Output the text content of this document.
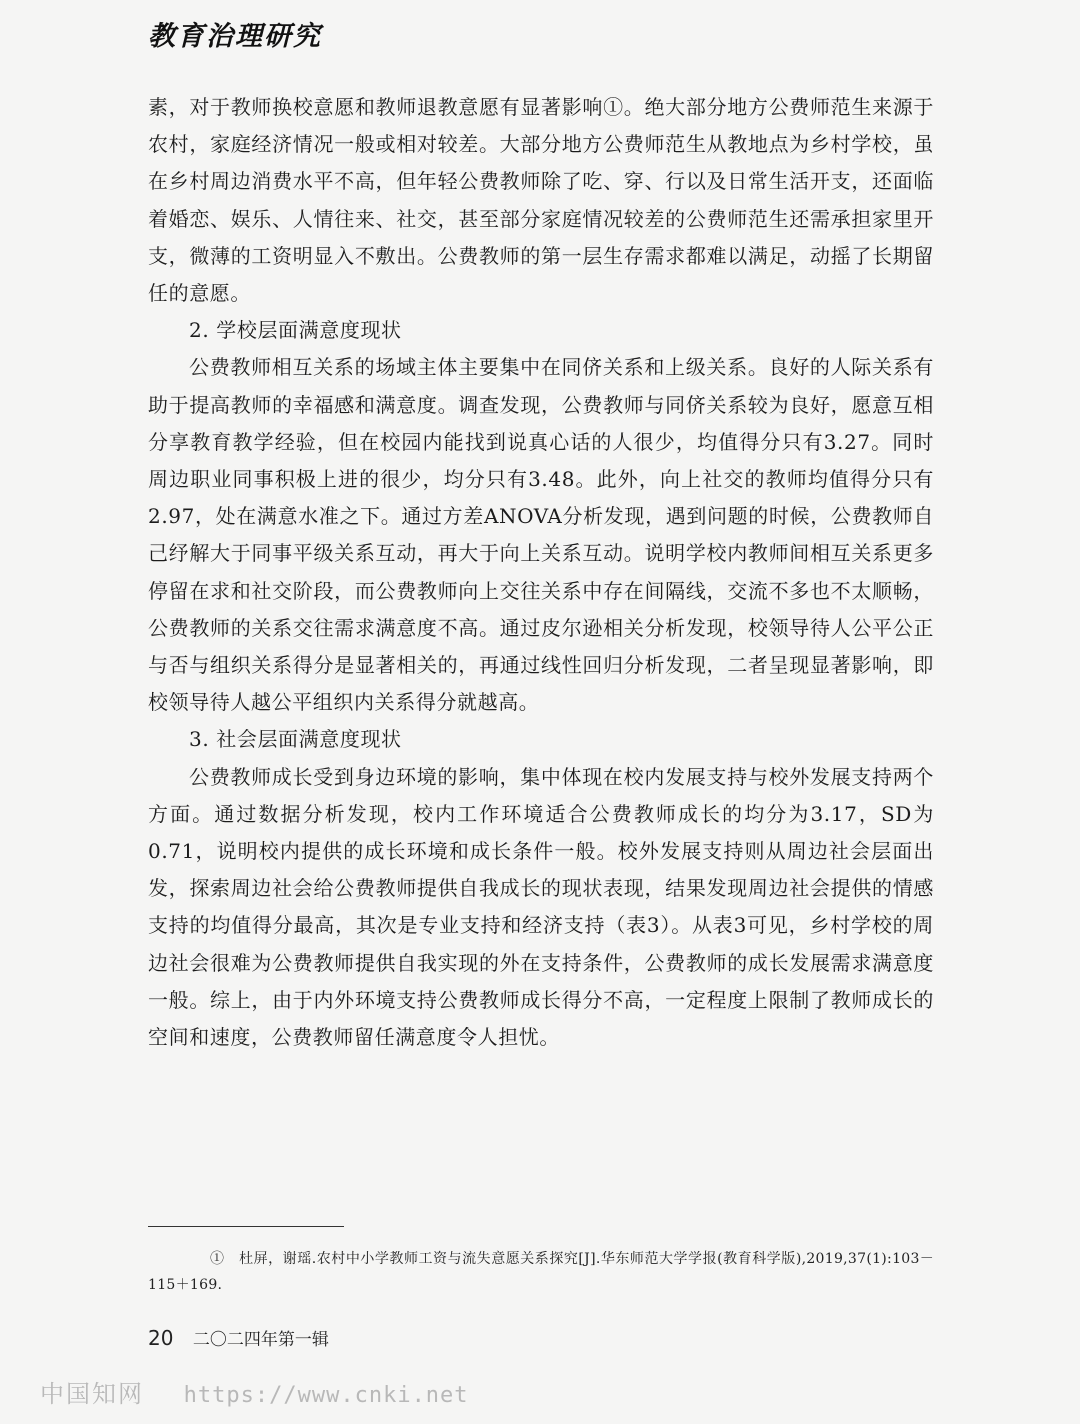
教育治理研究

素，对于教师换校意愿和教师退教意愿有显著影响①。绝大部分地方公费师范生来源于农村，家庭经济情况一般或相对较差。大部分地方公费师范生从教地点为乡村学校，虽在乡村周边消费水平不高，但年轻公费教师除了吃、穿、行以及日常生活开支，还面临着婚恋、娱乐、人情往来、社交，甚至部分家庭情况较差的公费师范生还需承担家里开支，微薄的工资明显入不敷出。公费教师的第一层生存需求都难以满足，动摇了长期留任的意愿。

2. 学校层面满意度现状

公费教师相互关系的场域主体主要集中在同侪关系和上级关系。良好的人际关系有助于提高教师的幸福感和满意度。调查发现，公费教师与同侪关系较为良好，愿意互相分享教育教学经验，但在校园内能找到说真心话的人很少，均值得分只有3.27。同时周边职业同事积极上进的很少，均分只有3.48。此外，向上社交的教师均值得分只有2.97，处在满意水准之下。通过方差ANOVA分析发现，遇到问题的时候，公费教师自己纾解大于同事平级关系互动，再大于向上关系互动。说明学校内教师间相互关系更多停留在求和社交阶段，而公费教师向上交往关系中存在间隔线，交流不多也不太顺畅，公费教师的关系交往需求满意度不高。通过皮尔逊相关分析发现，校领导待人公平公正与否与组织关系得分是显著相关的，再通过线性回归分析发现，二者呈现显著影响，即校领导待人越公平组织内关系得分就越高。

3. 社会层面满意度现状

公费教师成长受到身边环境的影响，集中体现在校内发展支持与校外发展支持两个方面。通过数据分析发现，校内工作环境适合公费教师成长的均分为3.17，SD为0.71，说明校内提供的成长环境和成长条件一般。校外发展支持则从周边社会层面出发，探索周边社会给公费教师提供自我成长的现状表现，结果发现周边社会提供的情感支持的均值得分最高，其次是专业支持和经济支持（表3）。从表3可见，乡村学校的周边社会很难为公费教师提供自我实现的外在支持条件，公费教师的成长发展需求满意度一般。综上，由于内外环境支持公费教师成长得分不高，一定程度上限制了教师成长的空间和速度，公费教师留任满意度令人担忧。

①　杜屏，谢瑶.农村中小学教师工资与流失意愿关系探究[J].华东师范大学学报(教育科学版),2019,37(1):103－115＋169.
20 二〇二四年第一辑
中国知网 https://www.cnki.net
